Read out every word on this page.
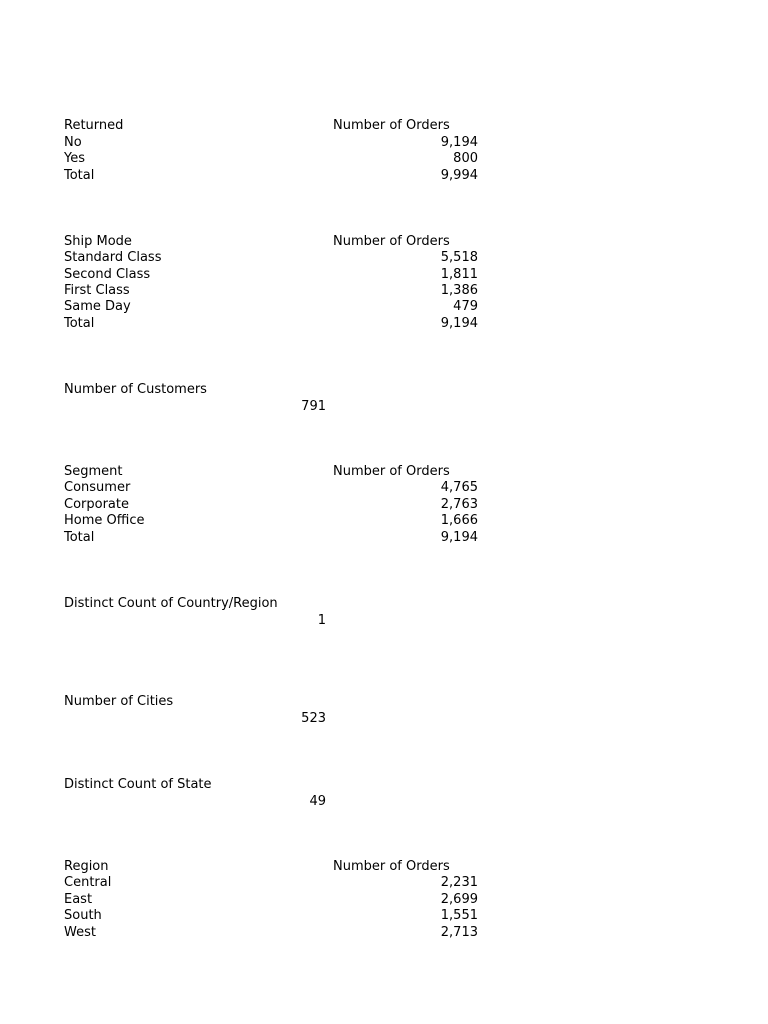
Returned	Number of Orders
No	9,194
Yes	800
Total	9,994
Ship Mode	Number of Orders
Standard Class	5,518
Second Class	1,811
First Class	1,386
Same Day	479
Total	9,194
Number of Customers
791
Segment	Number of Orders
Consumer	4,765
Corporate	2,763
Home Office	1,666
Total	9,194
Distinct Count of Country/Region
1
Number of Cities
523
Distinct Count of State
49
Region	Number of Orders
Central	2,231
East	2,699
South	1,551
West	2,713
